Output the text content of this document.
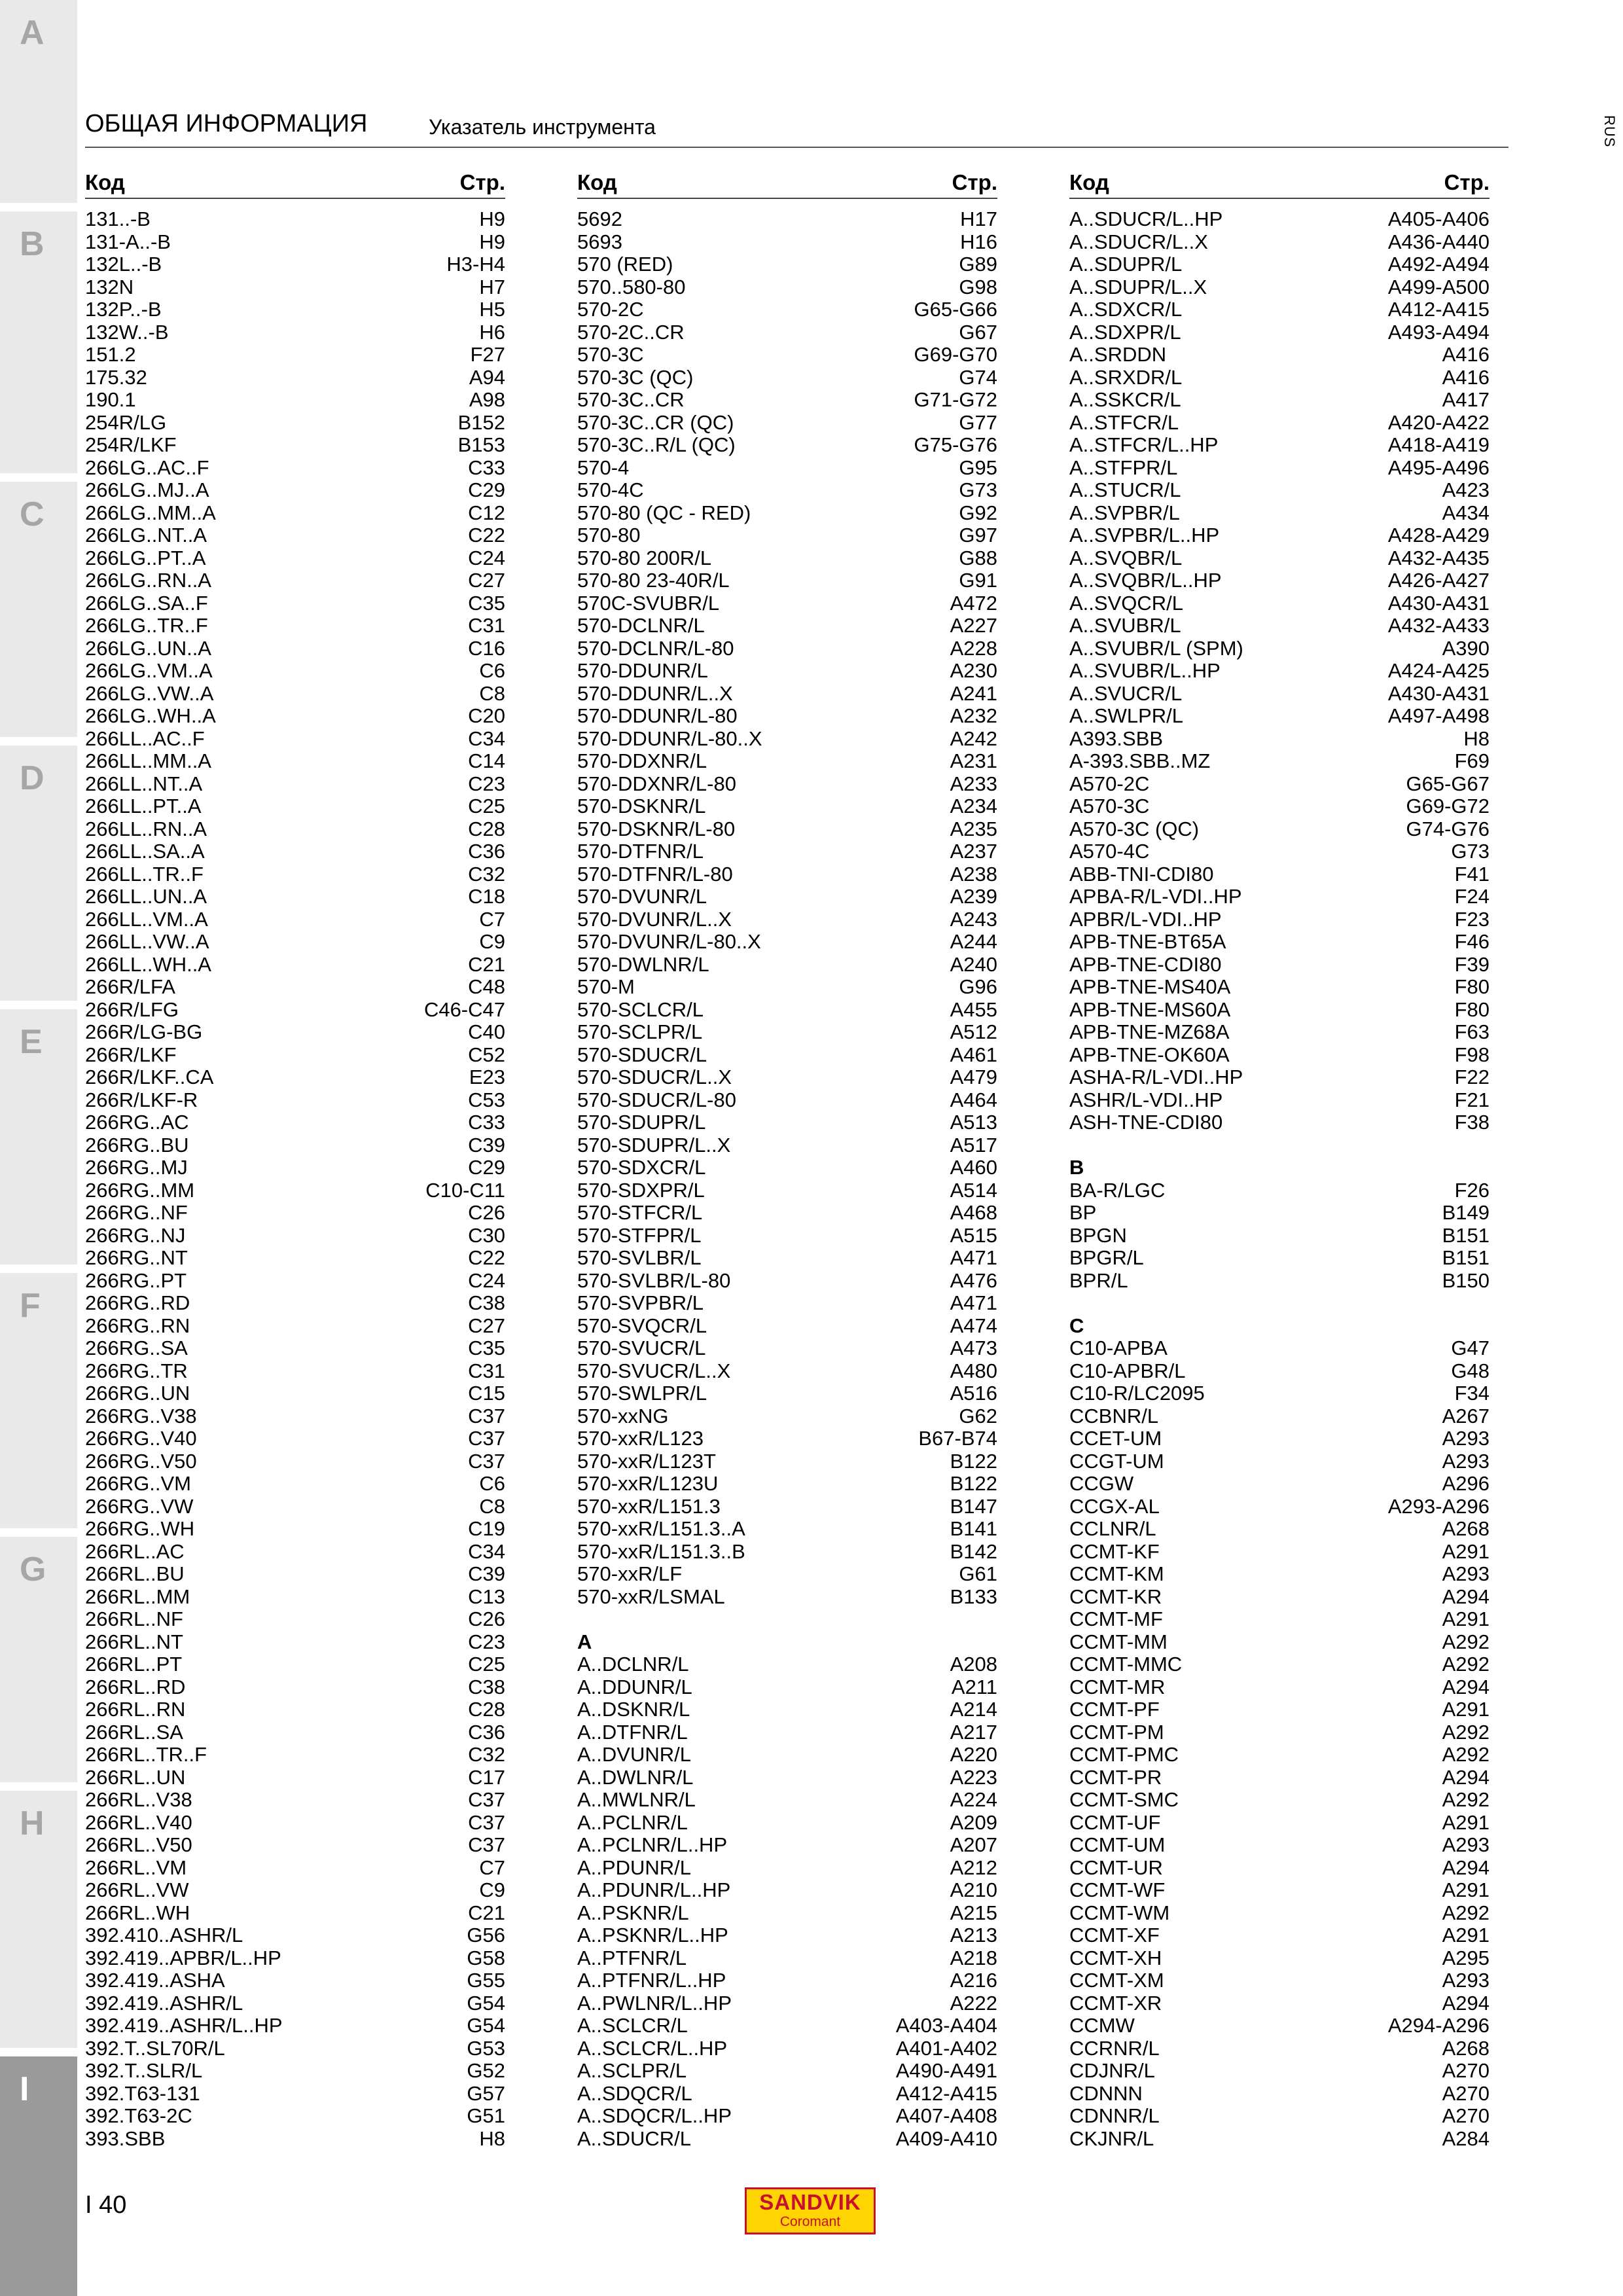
A
B
C
D
E
F
G
H
I
RUS
ОБЩАЯ ИНФОРМАЦИЯ	Указатель инструмента
Код	Стр.
131..-B	H9
131-A..-B	H9
132L..-B	H3-H4
132N	H7
132P..-B	H5
132W..-B	H6
151.2	F27
175.32	A94
190.1	A98
254R/LG	B152
254R/LKF	B153
266LG..AC..F	C33
266LG..MJ..A	C29
266LG..MM..A	C12
266LG..NT..A	C22
266LG..PT..A	C24
266LG..RN..A	C27
266LG..SA..F	C35
266LG..TR..F	C31
266LG..UN..A	C16
266LG..VM..A	C6
266LG..VW..A	C8
266LG..WH..A	C20
266LL..AC..F	C34
266LL..MM..A	C14
266LL..NT..A	C23
266LL..PT..A	C25
266LL..RN..A	C28
266LL..SA..A	C36
266LL..TR..F	C32
266LL..UN..A	C18
266LL..VM..A	C7
266LL..VW..A	C9
266LL..WH..A	C21
266R/LFA	C48
266R/LFG	C46-C47
266R/LG-BG	C40
266R/LKF	C52
266R/LKF..CA	E23
266R/LKF-R	C53
266RG..AC	C33
266RG..BU	C39
266RG..MJ	C29
266RG..MM	C10-C11
266RG..NF	C26
266RG..NJ	C30
266RG..NT	C22
266RG..PT	C24
266RG..RD	C38
266RG..RN	C27
266RG..SA	C35
266RG..TR	C31
266RG..UN	C15
266RG..V38	C37
266RG..V40	C37
266RG..V50	C37
266RG..VM	C6
266RG..VW	C8
266RG..WH	C19
266RL..AC	C34
266RL..BU	C39
266RL..MM	C13
266RL..NF	C26
266RL..NT	C23
266RL..PT	C25
266RL..RD	C38
266RL..RN	C28
266RL..SA	C36
266RL..TR..F	C32
266RL..UN	C17
266RL..V38	C37
266RL..V40	C37
266RL..V50	C37
266RL..VM	C7
266RL..VW	C9
266RL..WH	C21
392.410..ASHR/L	G56
392.419..APBR/L..HP	G58
392.419..ASHA	G55
392.419..ASHR/L	G54
392.419..ASHR/L..HP	G54
392.T..SL70R/L	G53
392.T..SLR/L	G52
392.T63-131	G57
392.T63-2C	G51
393.SBB	H8
Код	Стр.
5692	H17
5693	H16
570 (RED)	G89
570..580-80	G98
570-2C	G65-G66
570-2C..CR	G67
570-3C	G69-G70
570-3C (QC)	G74
570-3C..CR	G71-G72
570-3C..CR (QC)	G77
570-3C..R/L (QC)	G75-G76
570-4	G95
570-4C	G73
570-80 (QC - RED)	G92
570-80	G97
570-80 200R/L	G88
570-80 23-40R/L	G91
570C-SVUBR/L	A472
570-DCLNR/L	A227
570-DCLNR/L-80	A228
570-DDUNR/L	A230
570-DDUNR/L..X	A241
570-DDUNR/L-80	A232
570-DDUNR/L-80..X	A242
570-DDXNR/L	A231
570-DDXNR/L-80	A233
570-DSKNR/L	A234
570-DSKNR/L-80	A235
570-DTFNR/L	A237
570-DTFNR/L-80	A238
570-DVUNR/L	A239
570-DVUNR/L..X	A243
570-DVUNR/L-80..X	A244
570-DWLNR/L	A240
570-M	G96
570-SCLCR/L	A455
570-SCLPR/L	A512
570-SDUCR/L	A461
570-SDUCR/L..X	A479
570-SDUCR/L-80	A464
570-SDUPR/L	A513
570-SDUPR/L..X	A517
570-SDXCR/L	A460
570-SDXPR/L	A514
570-STFCR/L	A468
570-STFPR/L	A515
570-SVLBR/L	A471
570-SVLBR/L-80	A476
570-SVPBR/L	A471
570-SVQCR/L	A474
570-SVUCR/L	A473
570-SVUCR/L..X	A480
570-SWLPR/L	A516
570-xxNG	G62
570-xxR/L123	B67-B74
570-xxR/L123T	B122
570-xxR/L123U	B122
570-xxR/L151.3	B147
570-xxR/L151.3..A	B141
570-xxR/L151.3..B	B142
570-xxR/LF	G61
570-xxR/LSMAL	B133
A
A..DCLNR/L	A208
A..DDUNR/L	A211
A..DSKNR/L	A214
A..DTFNR/L	A217
A..DVUNR/L	A220
A..DWLNR/L	A223
A..MWLNR/L	A224
A..PCLNR/L	A209
A..PCLNR/L..HP	A207
A..PDUNR/L	A212
A..PDUNR/L..HP	A210
A..PSKNR/L	A215
A..PSKNR/L..HP	A213
A..PTFNR/L	A218
A..PTFNR/L..HP	A216
A..PWLNR/L..HP	A222
A..SCLCR/L	A403-A404
A..SCLCR/L..HP	A401-A402
A..SCLPR/L	A490-A491
A..SDQCR/L	A412-A415
A..SDQCR/L..HP	A407-A408
A..SDUCR/L	A409-A410
Код	Стр.
A..SDUCR/L..HP	A405-A406
A..SDUCR/L..X	A436-A440
A..SDUPR/L	A492-A494
A..SDUPR/L..X	A499-A500
A..SDXCR/L	A412-A415
A..SDXPR/L	A493-A494
A..SRDDN	A416
A..SRXDR/L	A416
A..SSKCR/L	A417
A..STFCR/L	A420-A422
A..STFCR/L..HP	A418-A419
A..STFPR/L	A495-A496
A..STUCR/L	A423
A..SVPBR/L	A434
A..SVPBR/L..HP	A428-A429
A..SVQBR/L	A432-A435
A..SVQBR/L..HP	A426-A427
A..SVQCR/L	A430-A431
A..SVUBR/L	A432-A433
A..SVUBR/L (SPM)	A390
A..SVUBR/L..HP	A424-A425
A..SVUCR/L	A430-A431
A..SWLPR/L	A497-A498
A393.SBB	H8
A-393.SBB..MZ	F69
A570-2C	G65-G67
A570-3C	G69-G72
A570-3C (QC)	G74-G76
A570-4C	G73
ABB-TNI-CDI80	F41
APBA-R/L-VDI..HP	F24
APBR/L-VDI..HP	F23
APB-TNE-BT65A	F46
APB-TNE-CDI80	F39
APB-TNE-MS40A	F80
APB-TNE-MS60A	F80
APB-TNE-MZ68A	F63
APB-TNE-OK60A	F98
ASHA-R/L-VDI..HP	F22
ASHR/L-VDI..HP	F21
ASH-TNE-CDI80	F38
B
BA-R/LGC	F26
BP	B149
BPGN	B151
BPGR/L	B151
BPR/L	B150
C
C10-APBA	G47
C10-APBR/L	G48
C10-R/LC2095	F34
CCBNR/L	A267
CCET-UM	A293
CCGT-UM	A293
CCGW	A296
CCGX-AL	A293-A296
CCLNR/L	A268
CCMT-KF	A291
CCMT-KM	A293
CCMT-KR	A294
CCMT-MF	A291
CCMT-MM	A292
CCMT-MMC	A292
CCMT-MR	A294
CCMT-PF	A291
CCMT-PM	A292
CCMT-PMC	A292
CCMT-PR	A294
CCMT-SMC	A292
CCMT-UF	A291
CCMT-UM	A293
CCMT-UR	A294
CCMT-WF	A291
CCMT-WM	A292
CCMT-XF	A291
CCMT-XH	A295
CCMT-XM	A293
CCMT-XR	A294
CCMW	A294-A296
CCRNR/L	A268
CDJNR/L	A270
CDNNN	A270
CDNNR/L	A270
CKJNR/L	A284
I 40	SANDVIK
Coromant
